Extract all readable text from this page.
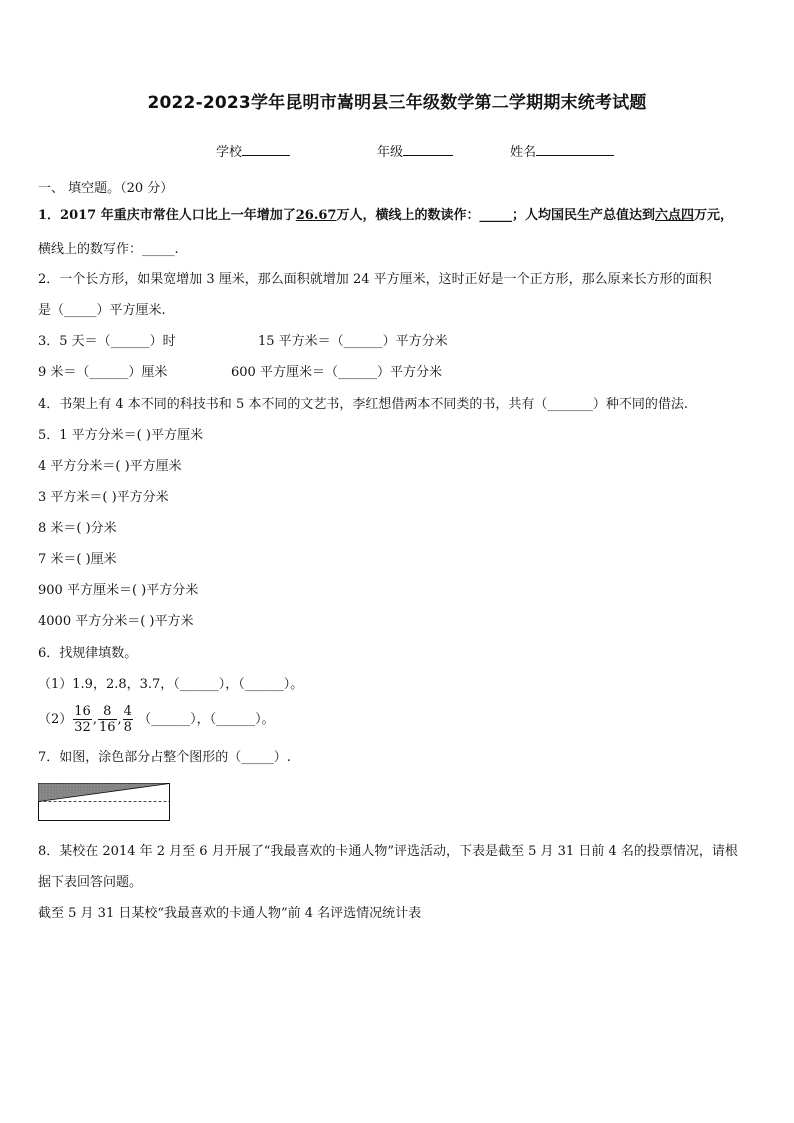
2022-2023学年昆明市嵩明县三年级数学第二学期期末统考试题
学校	年级	姓名
一、 填空题。（20 分）
1．2017 年重庆市常住人口比上一年增加了26.67万人，横线上的数读作：_____；人均国民生产总值达到六点四万元，
横线上的数写作：_____.
2．一个长方形，如果宽增加 3 厘米，那么面积就增加 24 平方厘米，这时正好是一个正方形，那么原来长方形的面积
是（_____）平方厘米.
3．5 天＝（______）时	15 平方米＝（______）平方分米
9 米＝（______）厘米	600 平方厘米＝（______）平方分米
4．书架上有 4 本不同的科技书和 5 本不同的文艺书，李红想借两本不同类的书，共有（_______）种不同的借法.
5．1 平方分米＝( )平方厘米
4 平方分米＝( )平方厘米
3 平方米＝( )平方分米
8 米＝( )分米
7 米＝( )厘米
900 平方厘米＝( )平方分米
4000 平方分米＝( )平方米
6．找规律填数。
（1）1.9，2.8，3.7，（______），（______）。
$(2) \frac{16}{32}$ , $\frac{8}{16}$ , $\frac{4}{8}$ （______），（______）。
7．如图，涂色部分占整个图形的（_____）.
8．某校在 2014 年 2 月至 6 月开展了“我最喜欢的卡通人物”评选活动，下表是截至 5 月 31 日前 4 名的投票情况，请根
据下表回答问题。
截至 5 月 31 日某校“我最喜欢的卡通人物”前 4 名评选情况统计表
